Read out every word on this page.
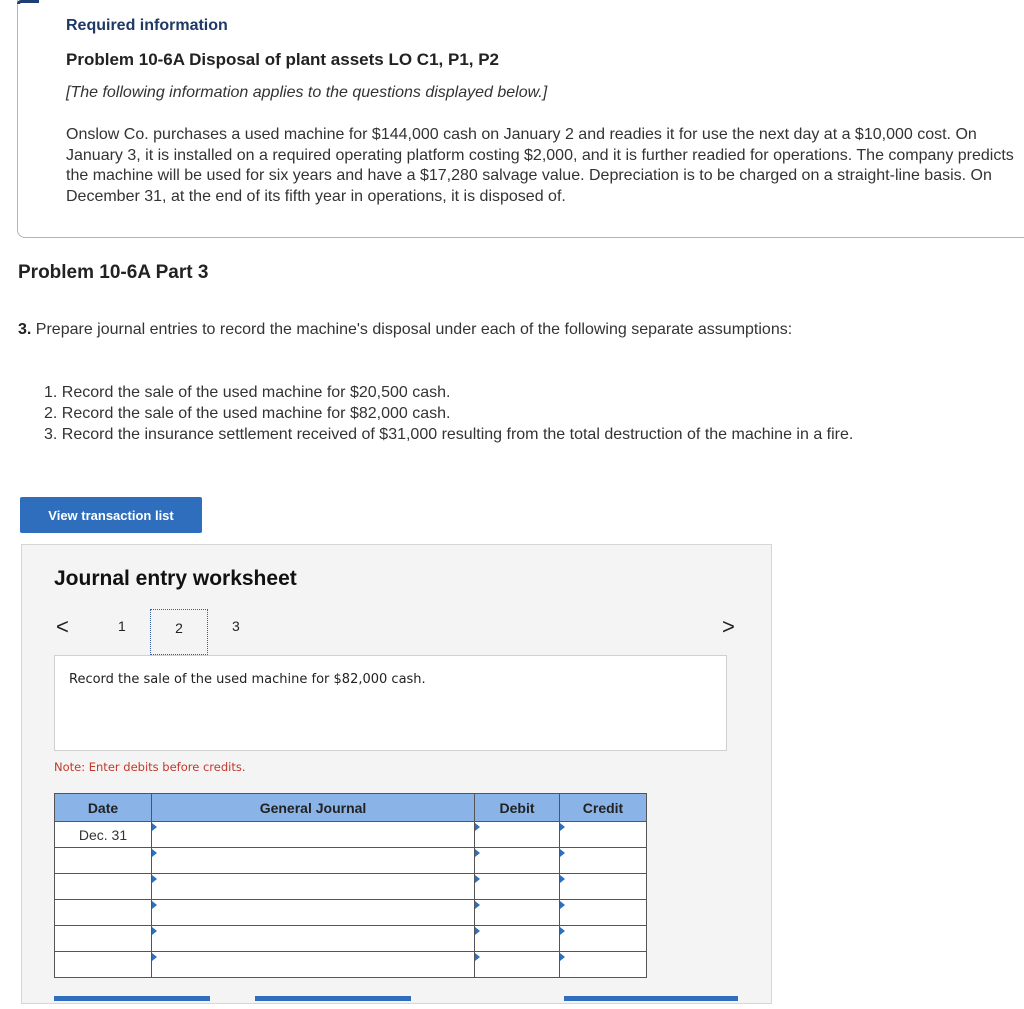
Required information
Problem 10-6A Disposal of plant assets LO C1, P1, P2
[The following information applies to the questions displayed below.]
Onslow Co. purchases a used machine for $144,000 cash on January 2 and readies it for use the next day at a $10,000 cost. On January 3, it is installed on a required operating platform costing $2,000, and it is further readied for operations. The company predicts the machine will be used for six years and have a $17,280 salvage value. Depreciation is to be charged on a straight-line basis. On December 31, at the end of its fifth year in operations, it is disposed of.
Problem 10-6A Part 3
3. Prepare journal entries to record the machine's disposal under each of the following separate assumptions:
1. Record the sale of the used machine for $20,500 cash.
2. Record the sale of the used machine for $82,000 cash.
3. Record the insurance settlement received of $31,000 resulting from the total destruction of the machine in a fire.
View transaction list
Journal entry worksheet
<	1	2	3	>
Record the sale of the used machine for $82,000 cash.
Note: Enter debits before credits.
Date	General Journal	Debit	Credit
Dec. 31	
